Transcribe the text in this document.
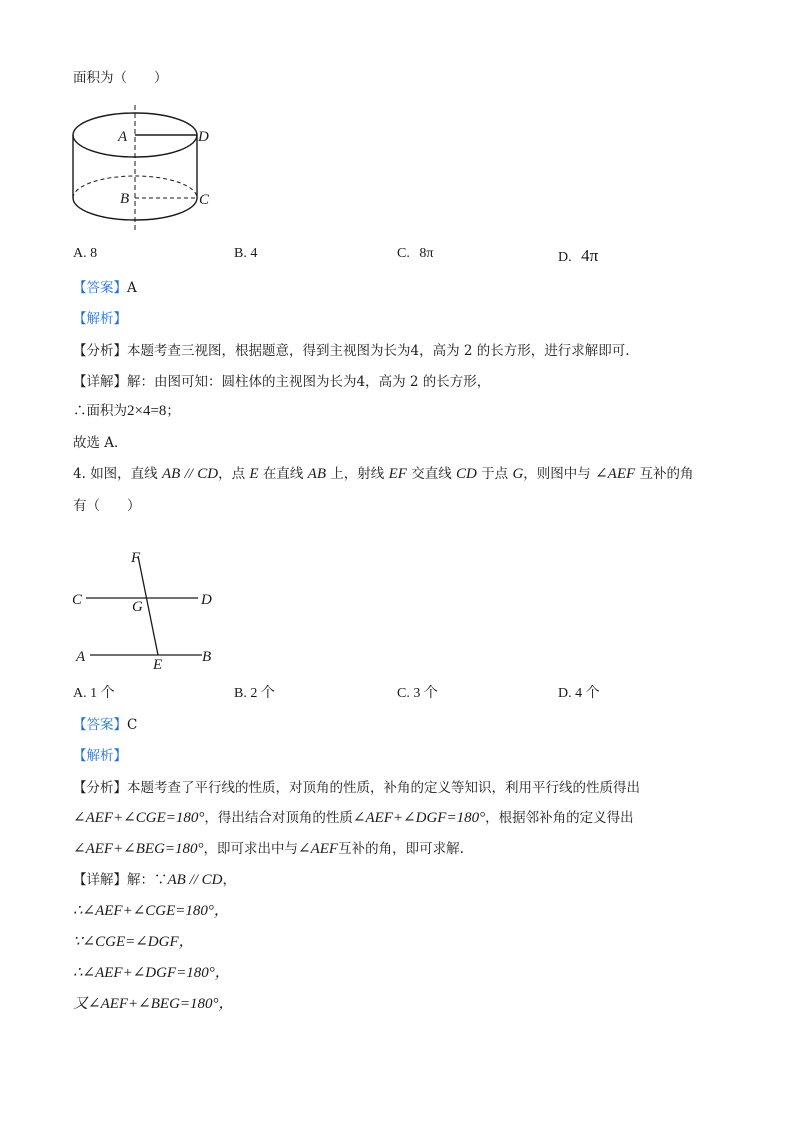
面积为（　　）
A	D
B	C
A. 8	B. 4	C. 8π	D. 4π
【答案】A
【解析】
【分析】本题考查三视图，根据题意，得到主视图为长为4，高为 2 的长方形，进行求解即可.
【详解】解：由图可知：圆柱体的主视图为长为4，高为 2 的长方形，
∴面积为2×4=8；
故选 A．
4. 如图，直线 AB // CD，点 E 在直线 AB 上，射线 EF 交直线 CD 于点 G，则图中与 ∠AEF 互补的角
有（　　）
F
C	G	D
A	E	B
A. 1 个	B. 2 个	C. 3 个	D. 4 个
【答案】C
【解析】
【分析】本题考查了平行线的性质，对顶角的性质，补角的定义等知识，利用平行线的性质得出
∠AEF+∠CGE=180°，得出结合对顶角的性质∠AEF+∠DGF=180°，根据邻补角的定义得出
∠AEF+∠BEG=180°，即可求出中与∠AEF互补的角，即可求解.
【详解】解：∵AB // CD，
∴∠AEF+∠CGE=180°，
∵∠CGE=∠DGF，
∴∠AEF+∠DGF=180°，
又∠AEF+∠BEG=180°，
